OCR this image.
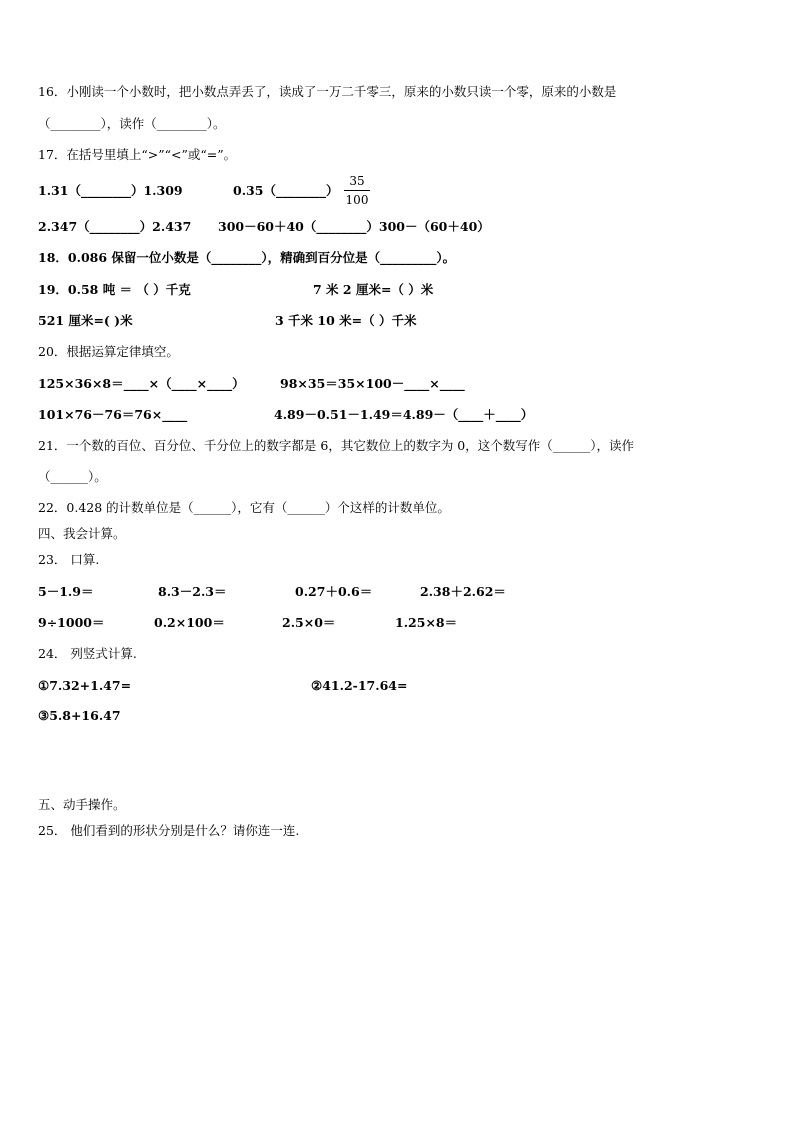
16．小刚读一个小数时，把小数点弄丢了，读成了一万二千零三，原来的小数只读一个零，原来的小数是

（________），读作（________）。

17．在括号里填上“>”“<”或“=”。

1.31（________）1.309	0.35（________）
35
100
2.347（________）2.437 300－60＋40（________）300－（60＋40）

18．0.086 保留一位小数是（________），精确到百分位是（_________）。

19．0.58 吨 ＝ （ ）千克	7 米 2 厘米=（ ）米
521 厘米=( )米	3 千米 10 米=（ ）千米

20．根据运算定律填空。

125×36×8＝____×（____×____）	98×35＝35×100－____×____
101×76－76＝76×____	4.89－0.51－1.49＝4.89－（____＋____）

21．一个数的百位、百分位、千分位上的数字都是 6，其它数位上的数字为 0，这个数写作（______），读作

（______）。

22．0.428 的计数单位是（______），它有（______）个这样的计数单位。

四、我会计算。

23． 口算.

5－1.9＝	8.3－2.3＝	0.27＋0.6＝	2.38＋2.62＝
9÷1000＝	0.2×100＝	2.5×0＝	1.25×8＝

24． 列竖式计算.

①7.32+1.47=	②41.2-17.64=
③5.8+16.47

五、动手操作。

25． 他们看到的形状分别是什么？请你连一连.
